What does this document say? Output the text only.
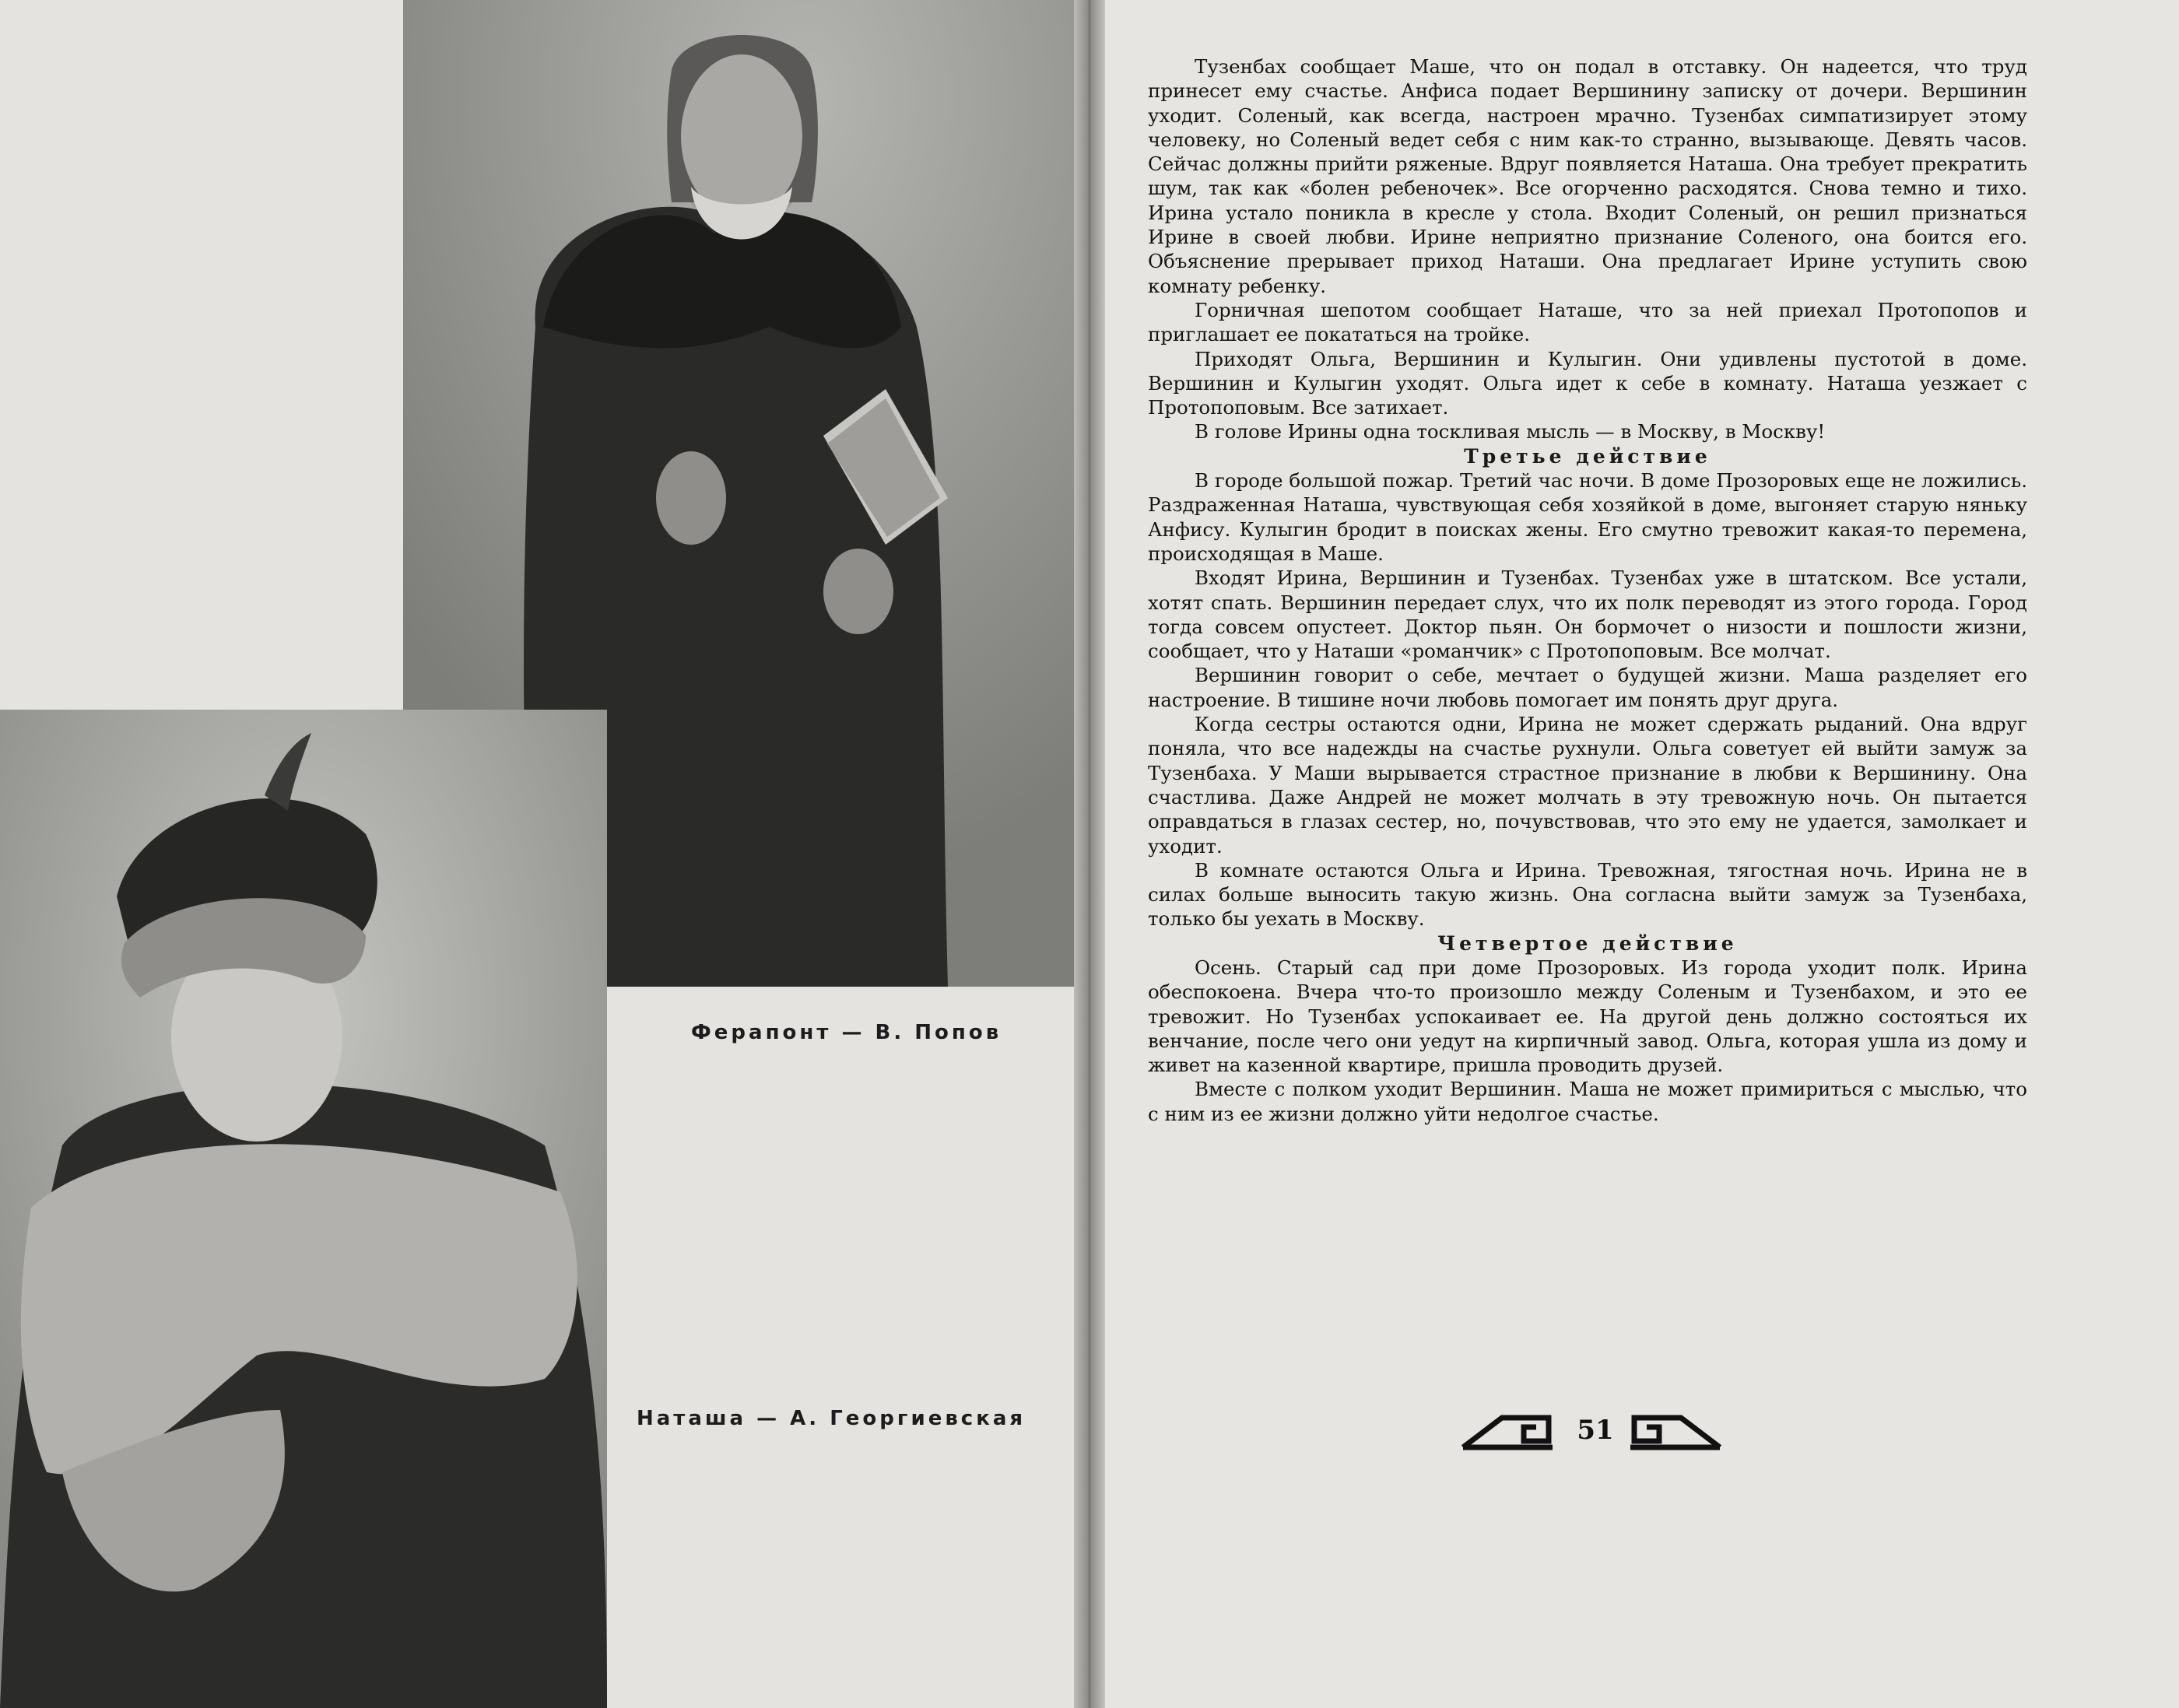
Ферапонт — В. Попов
Наташа — А. Георгиевская

Тузенбах сообщает Маше, что он подал в отставку. Он надеется, что труд принесет ему счастье. Анфиса подает Вершинину записку от дочери. Вершинин уходит. Соленый, как всегда, настроен мрачно. Тузенбах симпатизирует этому человеку, но Соленый ведет себя с ним как-то странно, вызывающе. Девять часов. Сейчас должны прийти ряженые. Вдруг появляется Наташа. Она требует прекратить шум, так как «болен ребеночек». Все огорченно расходятся. Снова темно и тихо. Ирина устало поникла в кресле у стола. Входит Соленый, он решил признаться Ирине в своей любви. Ирине неприятно признание Соленого, она боится его. Объяснение прерывает приход Наташи. Она предлагает Ирине уступить свою комнату ребенку.

Горничная шепотом сообщает Наташе, что за ней приехал Протопопов и приглашает ее покататься на тройке.

Приходят Ольга, Вершинин и Кулыгин. Они удивлены пустотой в доме. Вершинин и Кулыгин уходят. Ольга идет к себе в комнату. Наташа уезжает с Протопоповым. Все затихает.

В голове Ирины одна тоскливая мысль — в Москву, в Москву!

Третье действие

В городе большой пожар. Третий час ночи. В доме Прозоровых еще не ложились. Раздраженная Наташа, чувствующая себя хозяйкой в доме, выгоняет старую няньку Анфису. Кулыгин бродит в поисках жены. Его смутно тревожит какая-то перемена, происходящая в Маше.

Входят Ирина, Вершинин и Тузенбах. Тузенбах уже в штатском. Все устали, хотят спать. Вершинин передает слух, что их полк переводят из этого города. Город тогда совсем опустеет. Доктор пьян. Он бормочет о низости и пошлости жизни, сообщает, что у Наташи «романчик» с Протопоповым. Все молчат.

Вершинин говорит о себе, мечтает о будущей жизни. Маша разделяет его настроение. В тишине ночи любовь помогает им понять друг друга.

Когда сестры остаются одни, Ирина не может сдержать рыданий. Она вдруг поняла, что все надежды на счастье рухнули. Ольга советует ей выйти замуж за Тузенбаха. У Маши вырывается страстное признание в любви к Вершинину. Она счастлива. Даже Андрей не может молчать в эту тревожную ночь. Он пытается оправдаться в глазах сестер, но, почувствовав, что это ему не удается, замолкает и уходит.

В комнате остаются Ольга и Ирина. Тревожная, тягостная ночь. Ирина не в силах больше выносить такую жизнь. Она согласна выйти замуж за Тузенбаха, только бы уехать в Москву.

Четвертое действие

Осень. Старый сад при доме Прозоровых. Из города уходит полк. Ирина обеспокоена. Вчера что-то произошло между Соленым и Тузенбахом, и это ее тревожит. Но Тузенбах успокаивает ее. На другой день должно состояться их венчание, после чего они уедут на кирпичный завод. Ольга, которая ушла из дому и живет на казенной квартире, пришла проводить друзей.

Вместе с полком уходит Вершинин. Маша не может примириться с мыслью, что с ним из ее жизни должно уйти недолгое счастье.

51
